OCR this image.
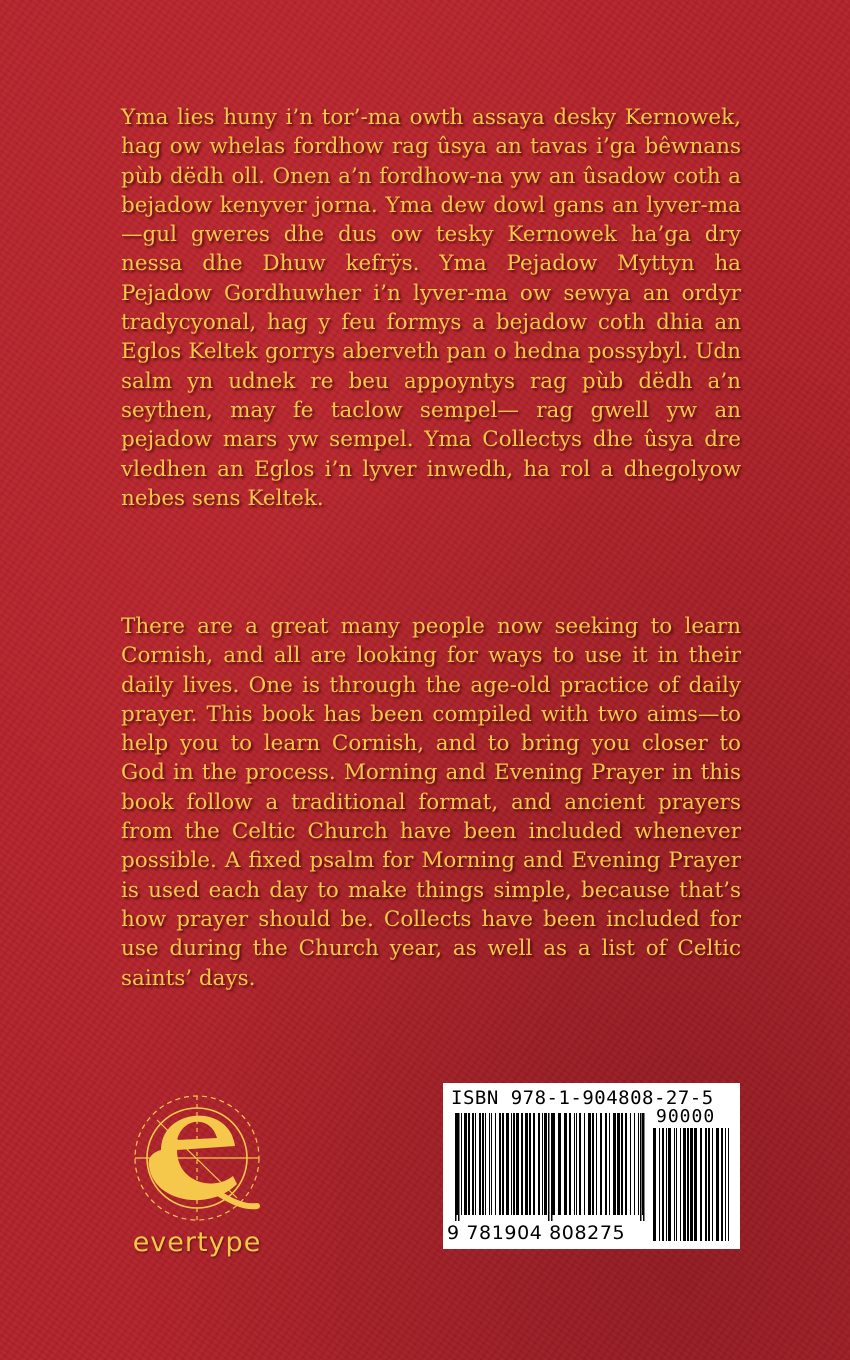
Yma lies huny i’n tor’-ma owth assaya desky Kernowek, hag ow whelas fordhow rag ûsya an tavas i’ga bêwnans pùb dëdh oll. Onen a’n fordhow-na yw an ûsadow coth a bejadow kenyver jorna. Yma dew dowl gans an lyver-ma—gul gweres dhe dus ow tesky Kernowek ha’ga dry nessa dhe Dhuw kefrÿs. Yma Pejadow Myttyn ha Pejadow Gordhuwher i’n lyver-ma ow sewya an ordyr tradycyonal, hag y feu formys a bejadow coth dhia an Eglos Keltek gorrys aberveth pan o hedna possybyl. Udn salm yn udnek re beu appoyntys rag pùb dëdh a’n seythen, may fe taclow sempel— rag gwell yw an pejadow mars yw sempel. Yma Collectys dhe ûsya dre vledhen an Eglos i’n lyver inwedh, ha rol a dhegolyow nebes sens Keltek.

There are a great many people now seeking to learn Cornish, and all are looking for ways to use it in their daily lives. One is through the age-old practice of daily prayer. This book has been compiled with two aims—to help you to learn Cornish, and to bring you closer to God in the process. Morning and Evening Prayer in this book follow a traditional format, and ancient prayers from the Celtic Church have been included whenever possible. A fixed psalm for Morning and Evening Prayer is used each day to make things simple, because that’s how prayer should be. Collects have been included for use during the Church year, as well as a list of Celtic saints’ days.

evertype
ISBN 978-1-904808-27-5
90000
9 781904 808275
